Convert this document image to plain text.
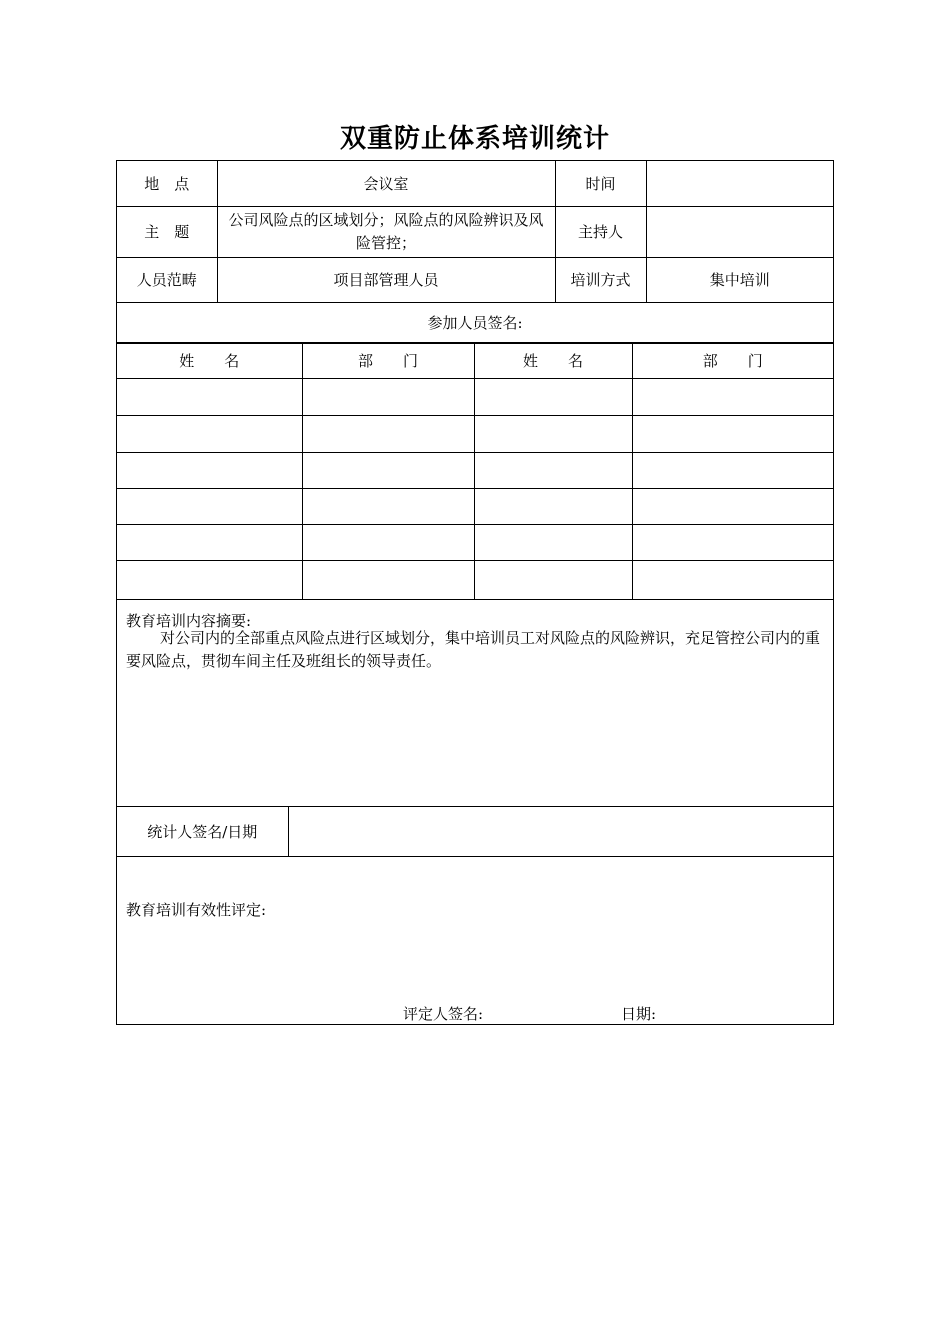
双重防止体系培训统计
地　点	会议室	时间	
主　题	公司风险点的区域划分；风险点的风险辨识及风险管控；	主持人	
人员范畴	项目部管理人员	培训方式	集中培训
参加人员签名:			
姓　　名	部　　门	姓　　名	部　　门

教育培训内容摘要:
对公司内的全部重点风险点进行区域划分，集中培训员工对风险点的风险辨识，充足管控公司内的重要风险点，贯彻车间主任及班组长的领导责任。
统计人签名/日期	
教育培训有效性评定:
评定人签名:	日期:
